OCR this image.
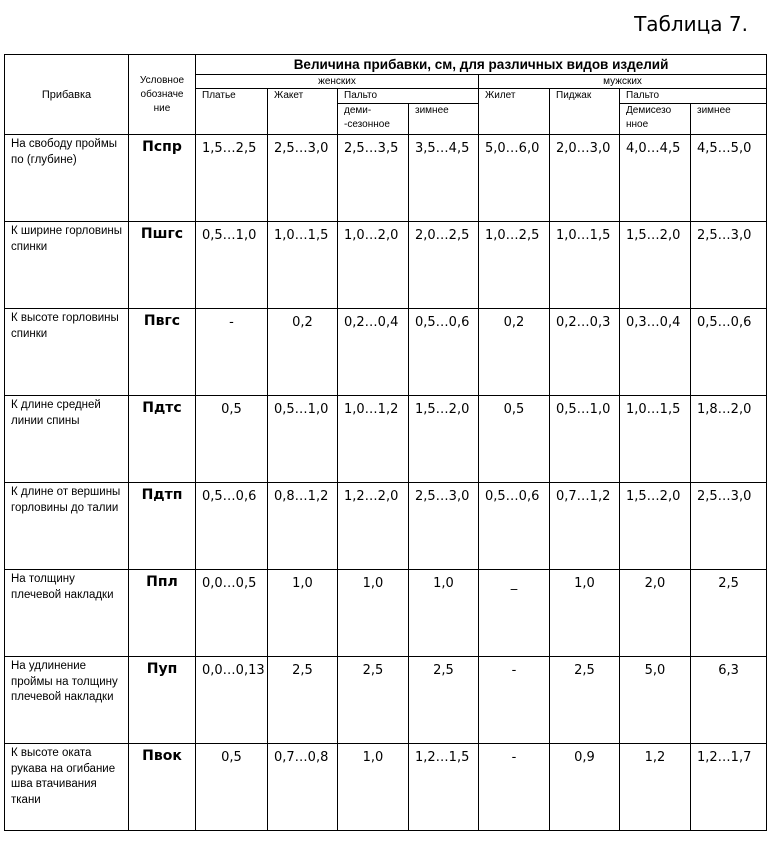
Таблица 7.
Прибавка	Условное
обозначе
ние	Величина прибавки, см, для различных видов изделий							
		женских				мужских			
		Платье	Жакет	Пальто		Жилет	Пиджак	Пальто	
				деми- -сезонное	зимнее			Демисезо нное	зимнее
На свободу проймы по (глубине)	Пспр	1,5…2,5	2,5…3,0	2,5…3,5	3,5…4,5	5,0…6,0	2,0…3,0	4,0…4,5	4,5…5,0
К ширине горловины спинки	Пшгс	0,5…1,0	1,0…1,5	1,0…2,0	2,0…2,5	1,0…2,5	1,0…1,5	1,5…2,0	2,5…3,0
К высоте горловины спинки	Пвгс	-	0,2	0,2…0,4	0,5…0,6	0,2	0,2…0,3	0,3…0,4	0,5…0,6
К длине средней линии спины	Пдтс	0,5	0,5…1,0	1,0…1,2	1,5…2,0	0,5	0,5…1,0	1,0…1,5	1,8…2,0
К длине от вершины горловины до талии	Пдтп	0,5…0,6	0,8…1,2	1,2…2,0	2,5…3,0	0,5…0,6	0,7…1,2	1,5…2,0	2,5…3,0
На толщину плечевой накладки	Ппл	0,0…0,5	1,0	1,0	1,0	_	1,0	2,0	2,5
На удлинение проймы на толщину плечевой накладки	Пуп	0,0…0,13	2,5	2,5	2,5	-	2,5	5,0	6,3
К высоте оката рукава на огибание шва втачивания ткани	Пвок	0,5	0,7…0,8	1,0	1,2…1,5	-	0,9	1,2	1,2…1,7
